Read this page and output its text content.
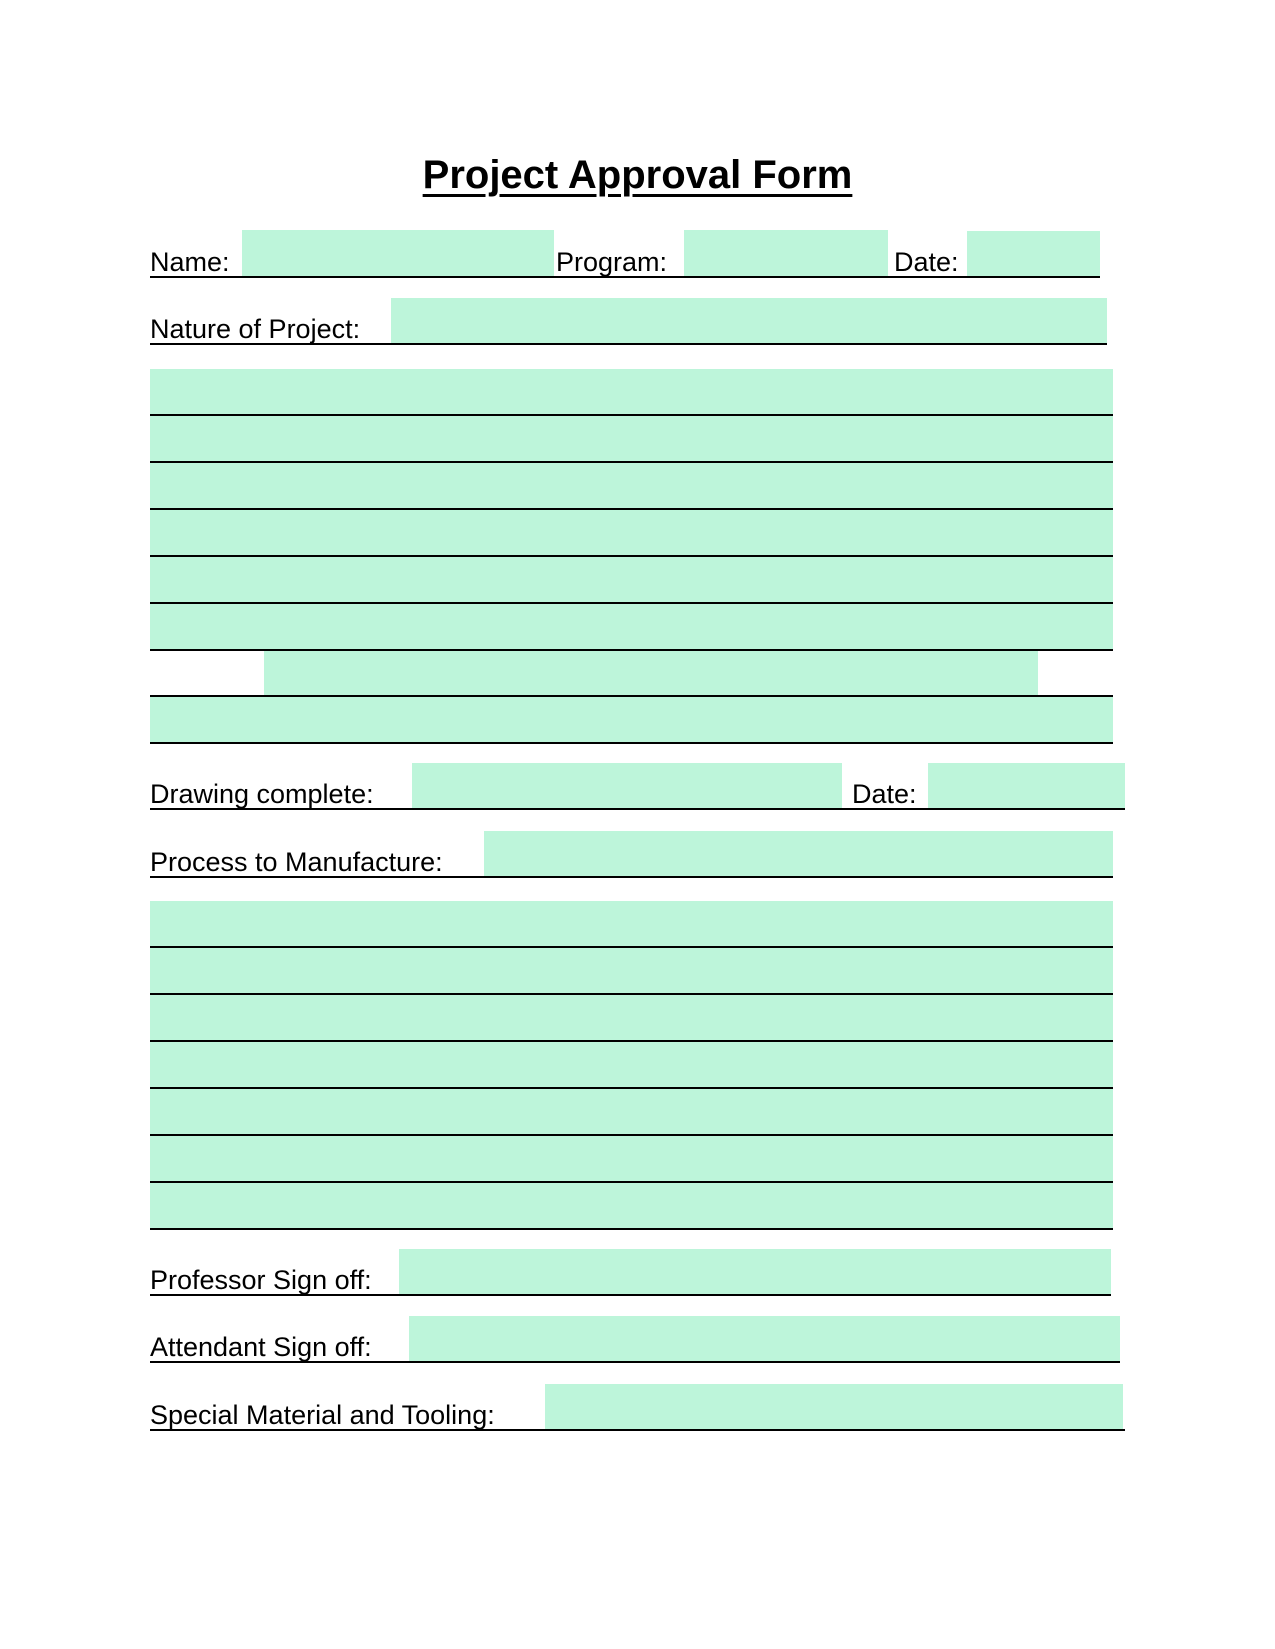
Project Approval Form
Name:	Program:	Date:
Nature of Project:
Drawing complete:	Date:
Process to Manufacture:
Professor Sign off:
Attendant Sign off:
Special Material and Tooling:
